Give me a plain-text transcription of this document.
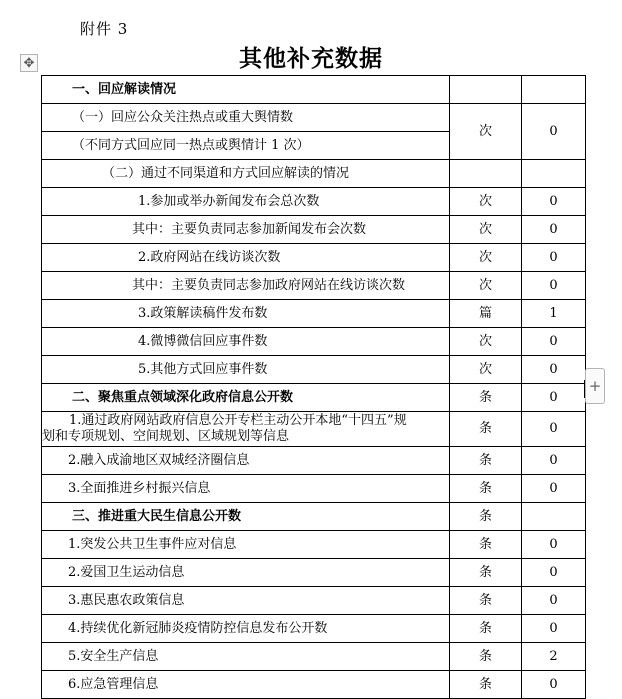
附件 3
其他补充数据
✥
一、回应解读情况		
（一）回应公众关注热点或重大舆情数	次	0
（不同方式回应同一热点或舆情计 1 次）		
（二）通过不同渠道和方式回应解读的情况		
1.参加或举办新闻发布会总次数	次	0
其中：主要负责同志参加新闻发布会次数	次	0
2.政府网站在线访谈次数	次	0
其中：主要负责同志参加政府网站在线访谈次数	次	0
3.政策解读稿件发布数	篇	1
4.微博微信回应事件数	次	0
5.其他方式回应事件数	次	0
二、聚焦重点领域深化政府信息公开数	条	0

1.通过政府网站政府信息公开专栏主动公开本地“十四五”规
划和专项规划、空间规划、区域规划等信息	条	0
2.融入成渝地区双城经济圈信息	条	0
3.全面推进乡村振兴信息	条	0
三、推进重大民生信息公开数	条	
1.突发公共卫生事件应对信息	条	0
2.爱国卫生运动信息	条	0
3.惠民惠农政策信息	条	0
4.持续优化新冠肺炎疫情防控信息发布公开数	条	0
5.安全生产信息	条	2
6.应急管理信息	条	0
+
